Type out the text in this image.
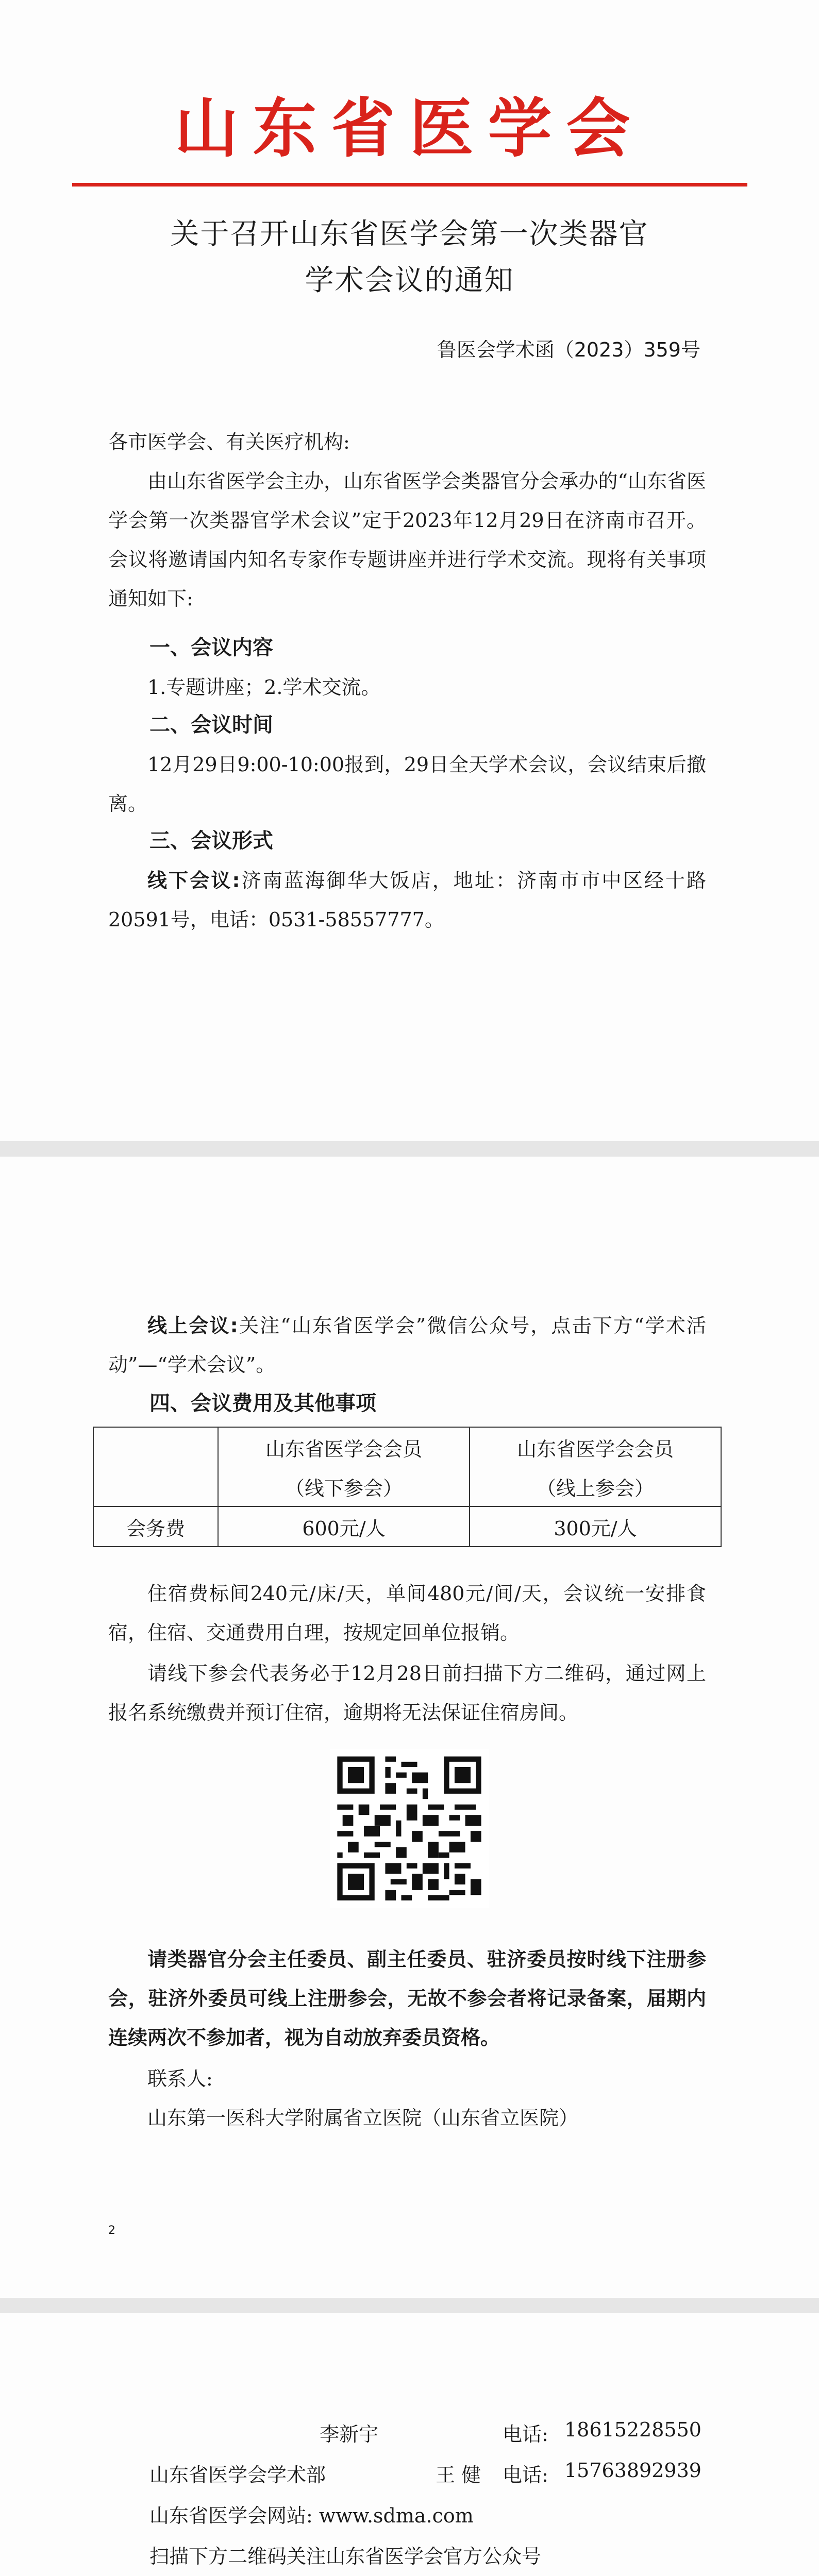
山东省医学会
关于召开山东省医学会第一次类器官
学术会议的通知
鲁医会学术函（2023）359号
各市医学会、有关医疗机构:
由山东省医学会主办，山东省医学会类器官分会承办的“山东省医学会第一次类器官学术会议”定于2023年12月29日在济南市召开。会议将邀请国内知名专家作专题讲座并进行学术交流。现将有关事项通知如下:
一、会议内容
1.专题讲座；2.学术交流。
二、会议时间
12月29日9:00-10:00报到，29日全天学术会议，会议结束后撤离。
三、会议形式
线下会议:济南蓝海御华大饭店，地址：济南市市中区经十路20591号，电话：0531-58557777。
线上会议:关注“山东省医学会”微信公众号，点击下方“学术活动”—“学术会议”。
四、会议费用及其他事项
	山东省医学会会员	山东省医学会会员
	（线下参会）	（线上参会）
会务费	600元/人	300元/人
住宿费标间240元/床/天，单间480元/间/天，会议统一安排食宿，住宿、交通费用自理，按规定回单位报销。
请线下参会代表务必于12月28日前扫描下方二维码，通过网上报名系统缴费并预订住宿，逾期将无法保证住宿房间。
请类器官分会主任委员、副主任委员、驻济委员按时线下注册参会，驻济外委员可线上注册参会，无故不参会者将记录备案，届期内连续两次不参加者，视为自动放弃委员资格。
联系人:
山东第一医科大学附属省立医院（山东省立医院）
2
李新宇	电话: 18615228550
山东省医学会学术部	王 健 电话: 15763892939
山东省医学会网站: www.sdma.com
扫描下方二维码关注山东省医学会官方公众号
